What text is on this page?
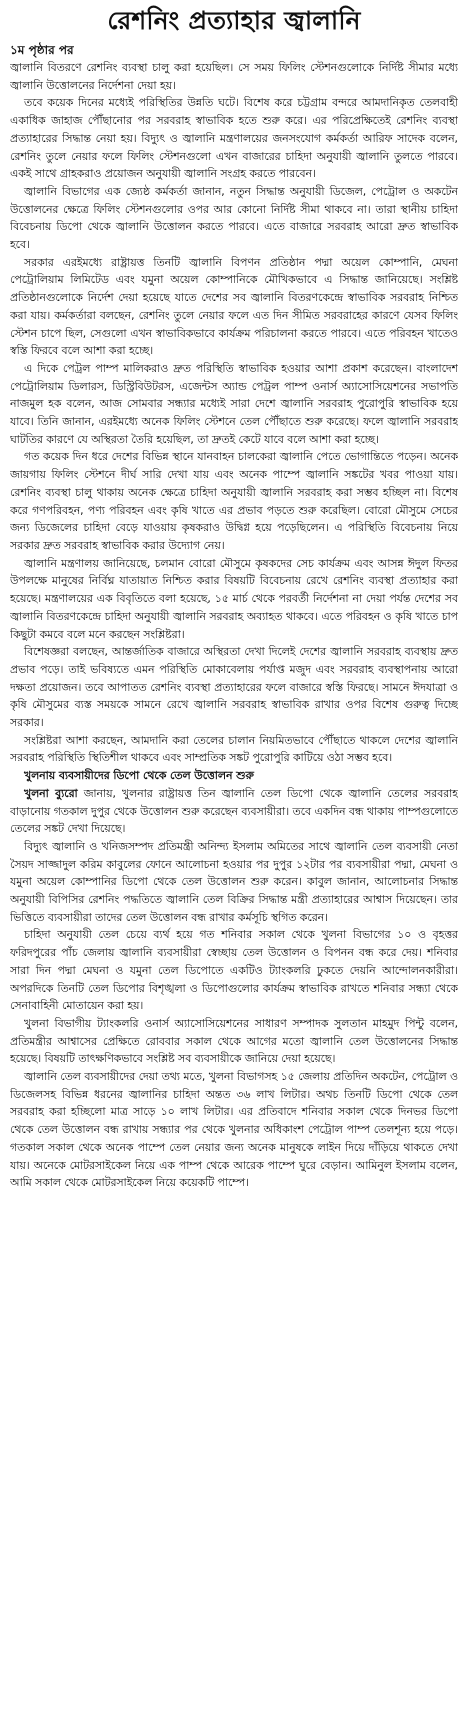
রেশনিং প্রত্যাহার জ্বালানি
১ম পৃষ্ঠার পর

জ্বালানি বিতরণে রেশনিং ব্যবস্থা চালু করা হয়েছিল। সে সময় ফিলিং স্টেশনগুলোকে নির্দিষ্ট সীমার মধ্যে জ্বালানি উত্তোলনের নির্দেশনা দেয়া হয়।

তবে কয়েক দিনের মধ্যেই পরিস্থিতির উন্নতি ঘটে। বিশেষ করে চট্টগ্রাম বন্দরে আমদানিকৃত তেলবাহী একাধিক জাহাজ পৌঁছানোর পর সরবরাহ স্বাভাবিক হতে শুরু করে। এর পরিপ্রেক্ষিতেই রেশনিং ব্যবস্থা প্রত্যাহারের সিদ্ধান্ত নেয়া হয়। বিদ্যুৎ ও জ্বালানি মন্ত্রণালয়ের জনসংযোগ কর্মকর্তা আরিফ সাদেক বলেন, রেশনিং তুলে নেয়ার ফলে ফিলিং স্টেশনগুলো এখন বাজারের চাহিদা অনুযায়ী জ্বালানি তুলতে পারবে। একই সাথে গ্রাহকরাও প্রয়োজন অনুযায়ী জ্বালানি সংগ্রহ করতে পারবেন।

জ্বালানি বিভাগের এক জ্যেষ্ঠ কর্মকর্তা জানান, নতুন সিদ্ধান্ত অনুযায়ী ডিজেল, পেট্রোল ও অকটেন উত্তোলনের ক্ষেত্রে ফিলিং স্টেশনগুলোর ওপর আর কোনো নির্দিষ্ট সীমা থাকবে না। তারা স্থানীয় চাহিদা বিবেচনায় ডিপো থেকে জ্বালানি উত্তোলন করতে পারবে। এতে বাজারে সরবরাহ আরো দ্রুত স্বাভাবিক হবে।

সরকার এরইমধ্যে রাষ্ট্রায়ত্ত তিনটি জ্বালানি বিপণন প্রতিষ্ঠান পদ্মা অয়েল কোম্পানি, মেঘনা পেট্রোলিয়াম লিমিটেড এবং যমুনা অয়েল কোম্পানিকে মৌখিকভাবে এ সিদ্ধান্ত জানিয়েছে। সংশ্লিষ্ট প্রতিষ্ঠানগুলোকে নির্দেশ দেয়া হয়েছে যাতে দেশের সব জ্বালানি বিতরণকেন্দ্রে স্বাভাবিক সরবরাহ নিশ্চিত করা যায়। কর্মকর্তারা বলছেন, রেশনিং তুলে নেয়ার ফলে এত দিন সীমিত সরবরাহের কারণে যেসব ফিলিং স্টেশন চাপে ছিল, সেগুলো এখন স্বাভাবিকভাবে কার্যক্রম পরিচালনা করতে পারবে। এতে পরিবহন খাতেও স্বস্তি ফিরবে বলে আশা করা হচ্ছে।

এ দিকে পেট্রল পাম্প মালিকরাও দ্রুত পরিস্থিতি স্বাভাবিক হওয়ার আশা প্রকাশ করেছেন। বাংলাদেশ পেট্রোলিয়াম ডিলারস, ডিস্ট্রিবিউটরস, এজেন্টস অ্যান্ড পেট্রল পাম্প ওনার্স অ্যাসোসিয়েশনের সভাপতি নাজমুল হক বলেন, আজ সোমবার সন্ধ্যার মধ্যেই সারা দেশে জ্বালানি সরবরাহ পুরোপুরি স্বাভাবিক হয়ে যাবে। তিনি জানান, এরইমধ্যে অনেক ফিলিং স্টেশনে তেল পৌঁছাতে শুরু করেছে। ফলে জ্বালানি সরবরাহ ঘাটতির কারণে যে অস্থিরতা তৈরি হয়েছিল, তা দ্রুতই কেটে যাবে বলে আশা করা হচ্ছে।

গত কয়েক দিন ধরে দেশের বিভিন্ন স্থানে যানবাহন চালকেরা জ্বালানি পেতে ভোগান্তিতে পড়েন। অনেক জায়গায় ফিলিং স্টেশনে দীর্ঘ সারি দেখা যায় এবং অনেক পাম্পে জ্বালানি সঙ্কটের খবর পাওয়া যায়। রেশনিং ব্যবস্থা চালু থাকায় অনেক ক্ষেত্রে চাহিদা অনুযায়ী জ্বালানি সরবরাহ করা সম্ভব হচ্ছিল না। বিশেষ করে গণপরিবহন, পণ্য পরিবহন এবং কৃষি খাতে এর প্রভাব পড়তে শুরু করেছিল। বোরো মৌসুমে সেচের জন্য ডিজেলের চাহিদা বেড়ে যাওয়ায় কৃষকরাও উদ্বিগ্ন হয়ে পড়েছিলেন। এ পরিস্থিতি বিবেচনায় নিয়ে সরকার দ্রুত সরবরাহ স্বাভাবিক করার উদ্যোগ নেয়।

জ্বালানি মন্ত্রণালয় জানিয়েছে, চলমান বোরো মৌসুমে কৃষকদের সেচ কার্যক্রম এবং আসন্ন ঈদুল ফিতর উপলক্ষে মানুষের নির্বিঘ্ন যাতায়াত নিশ্চিত করার বিষয়টি বিবেচনায় রেখে রেশনিং ব্যবস্থা প্রত্যাহার করা হয়েছে। মন্ত্রণালয়ের এক বিবৃতিতে বলা হয়েছে, ১৫ মার্চ থেকে পরবর্তী নির্দেশনা না দেয়া পর্যন্ত দেশের সব জ্বালানি বিতরণকেন্দ্রে চাহিদা অনুযায়ী জ্বালানি সরবরাহ অব্যাহত থাকবে। এতে পরিবহন ও কৃষি খাতে চাপ কিছুটা কমবে বলে মনে করছেন সংশ্লিষ্টরা।

বিশেষজ্ঞরা বলছেন, আন্তর্জাতিক বাজারে অস্থিরতা দেখা দিলেই দেশের জ্বালানি সরবরাহ ব্যবস্থায় দ্রুত প্রভাব পড়ে। তাই ভবিষ্যতে এমন পরিস্থিতি মোকাবেলায় পর্যাপ্ত মজুদ এবং সরবরাহ ব্যবস্থাপনায় আরো দক্ষতা প্রয়োজন। তবে আপাতত রেশনিং ব্যবস্থা প্রত্যাহারের ফলে বাজারে স্বস্তি ফিরছে। সামনে ঈদযাত্রা ও কৃষি মৌসুমের ব্যস্ত সময়কে সামনে রেখে জ্বালানি সরবরাহ স্বাভাবিক রাখার ওপর বিশেষ গুরুত্ব দিচ্ছে সরকার।

সংশ্লিষ্টরা আশা করছেন, আমদানি করা তেলের চালান নিয়মিতভাবে পৌঁছাতে থাকলে দেশের জ্বালানি সরবরাহ পরিস্থিতি স্থিতিশীল থাকবে এবং সাম্প্রতিক সঙ্কট পুরোপুরি কাটিয়ে ওঠা সম্ভব হবে।

খুলনায় ব্যবসায়ীদের ডিপো থেকে তেল উত্তোলন শুরু

খুলনা ব্যুরো জানায়, খুলনার রাষ্ট্রায়ত্ত তিন জ্বালানি তেল ডিপো থেকে জ্বালানি তেলের সরবরাহ বাড়ানোয় গতকাল দুপুর থেকে উত্তোলন শুরু করেছেন ব্যবসায়ীরা। তবে একদিন বন্ধ থাকায় পাম্পগুলোতে তেলের সঙ্কট দেখা দিয়েছে।

বিদ্যুৎ জ্বালানি ও খনিজসম্পদ প্রতিমন্ত্রী অনিন্দ্য ইসলাম অমিতের সাথে জ্বালানি তেল ব্যবসায়ী নেতা সৈয়দ সাজ্জাদুল করিম কাবুলের ফোনে আলোচনা হওয়ার পর দুপুর ১২টার পর ব্যবসায়ীরা পদ্মা, মেঘনা ও যমুনা অয়েল কোম্পানির ডিপো থেকে তেল উত্তোলন শুরু করেন। কাবুল জানান, আলোচনার সিদ্ধান্ত অনুযায়ী বিপিসির রেশনিং পদ্ধতিতে জ্বালানি তেল বিক্রির সিদ্ধান্ত মন্ত্রী প্রত্যাহারের আশ্বাস দিয়েছেন। তার ভিত্তিতে ব্যবসায়ীরা তাদের তেল উত্তোলন বন্ধ রাখার কর্মসূচি স্থগিত করেন।

চাহিদা অনুযায়ী তেল চেয়ে ব্যর্থ হয়ে গত শনিবার সকাল থেকে খুলনা বিভাগের ১০ ও বৃহত্তর ফরিদপুরের পাঁচ জেলায় জ্বালানি ব্যবসায়ীরা স্বেচ্ছায় তেল উত্তোলন ও বিপনন বন্ধ করে দেয়। শনিবার সারা দিন পদ্মা মেঘনা ও যমুনা তেল ডিপোতে একটিও ট্যাংকলরি ঢুকতে দেয়নি আন্দোলনকারীরা। অপরদিকে তিনটি তেল ডিপোর বিশৃঙ্খলা ও ডিপোগুলোর কার্যক্রম স্বাভাবিক রাখতে শনিবার সন্ধ্যা থেকে সেনাবাহিনী মোতায়েন করা হয়।

খুলনা বিভাগীয় ট্যাংকলরি ওনার্স অ্যাসোসিয়েশনের সাধারণ সম্পাদক সুলতান মাহমুদ পিন্টু বলেন, প্রতিমন্ত্রীর আশ্বাসের প্রেক্ষিতে রোববার সকাল থেকে আগের মতো জ্বালানি তেল উত্তোলনের সিদ্ধান্ত হয়েছে। বিষয়টি তাৎক্ষণিকভাবে সংশ্লিষ্ট সব ব্যবসায়ীকে জানিয়ে দেয়া হয়েছে।

জ্বালানি তেল ব্যবসায়ীদের দেয়া তথ্য মতে, খুলনা বিভাগসহ ১৫ জেলায় প্রতিদিন অকটেন, পেট্রোল ও ডিজেলসহ বিভিন্ন ধরনের জ্বালানির চাহিদা অন্তত ৩৬ লাখ লিটার। অথচ তিনটি ডিপো থেকে তেল সরবরাহ করা হচ্ছিলো মাত্র সাড়ে ১০ লাখ লিটার। এর প্রতিবাদে শনিবার সকাল থেকে দিনভর ডিপো থেকে তেল উত্তোলন বন্ধ রাখায় সন্ধ্যার পর থেকে খুলনার অধিকাংশ পেট্রোল পাম্প তেলশূন্য হয়ে পড়ে। গতকাল সকাল থেকে অনেক পাম্পে তেল নেয়ার জন্য অনেক মানুষকে লাইন দিয়ে দাঁড়িয়ে থাকতে দেখা যায়। অনেকে মোটরসাইকেল নিয়ে এক পাম্প থেকে আরেক পাম্পে ঘুরে বেড়ান। আমিনুল ইসলাম বলেন, আমি সকাল থেকে মোটরসাইকেল নিয়ে কয়েকটি পাম্পে।
